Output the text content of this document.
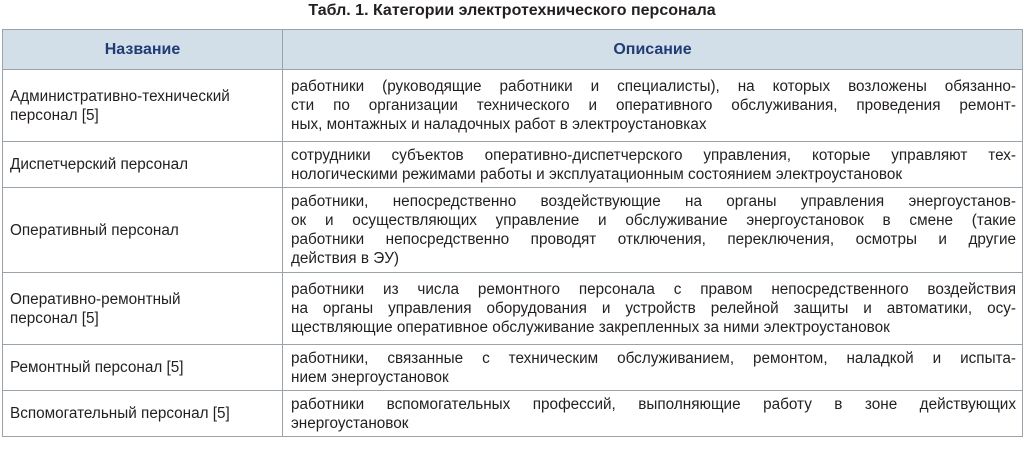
Табл. 1. Категории электротехнического персонала
Название	Описание

Административно-технический
персонал [5]	работники (руководящие работники и специалисты), на которых возложены обязанно-
сти по организации технического и оперативного обслуживания, проведения ремонт-
ных, монтажных и наладочных работ в электроустановках

Диспетчерский персонал	сотрудники субъектов оперативно-диспетчерского управления, которые управляют тех-
нологическими режимами работы и эксплуатационным состоянием электроустановок

Оперативный персонал	работники, непосредственно воздействующие на органы управления энергоустанов-
ок и осуществляющих управление и обслуживание энергоустановок в смене (такие
работники непосредственно проводят отключения, переключения, осмотры и другие
действия в ЭУ)

Оперативно-ремонтный
персонал [5]	работники из числа ремонтного персонала с правом непосредственного воздействия
на органы управления оборудования и устройств релейной защиты и автоматики, осу-
ществляющие оперативное обслуживание закрепленных за ними электроустановок

Ремонтный персонал [5]	работники, связанные с техническим обслуживанием, ремонтом, наладкой и испыта-
нием энергоустановок

Вспомогательный персонал [5]	работники вспомогательных профессий, выполняющие работу в зоне действующих
энергоустановок
